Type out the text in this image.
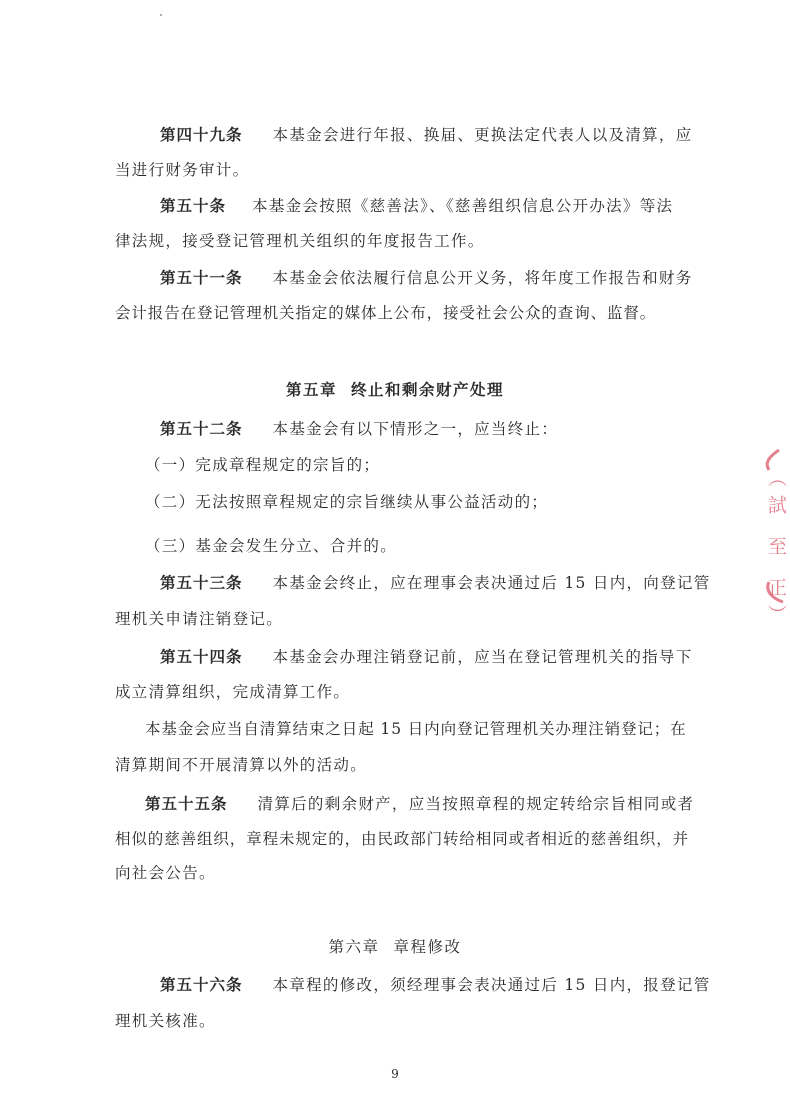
第四十九条 本基金会进行年报、换届、更换法定代表人以及清算，应
当进行财务审计。
第五十条 本基金会按照《慈善法》、《慈善组织信息公开办法》等法
律法规，接受登记管理机关组织的年度报告工作。
第五十一条 本基金会依法履行信息公开义务，将年度工作报告和财务
会计报告在登记管理机关指定的媒体上公布，接受社会公众的查询、监督。
第五章 终止和剩余财产处理
第五十二条 本基金会有以下情形之一，应当终止：
（一）完成章程规定的宗旨的；
（二）无法按照章程规定的宗旨继续从事公益活动的；
（三）基金会发生分立、合并的。
第五十三条 本基金会终止，应在理事会表决通过后 15 日内，向登记管
理机关申请注销登记。
第五十四条 本基金会办理注销登记前，应当在登记管理机关的指导下
成立清算组织，完成清算工作。
本基金会应当自清算结束之日起 15 日内向登记管理机关办理注销登记；在
清算期间不开展清算以外的活动。
第五十五条 清算后的剩余财产，应当按照章程的规定转给宗旨相同或者
相似的慈善组织，章程未规定的，由民政部门转给相同或者相近的慈善组织，并
向社会公告。
第六章 章程修改
第五十六条 本章程的修改，须经理事会表决通过后 15 日内，报登记管
理机关核准。
9
（試 至 正）
